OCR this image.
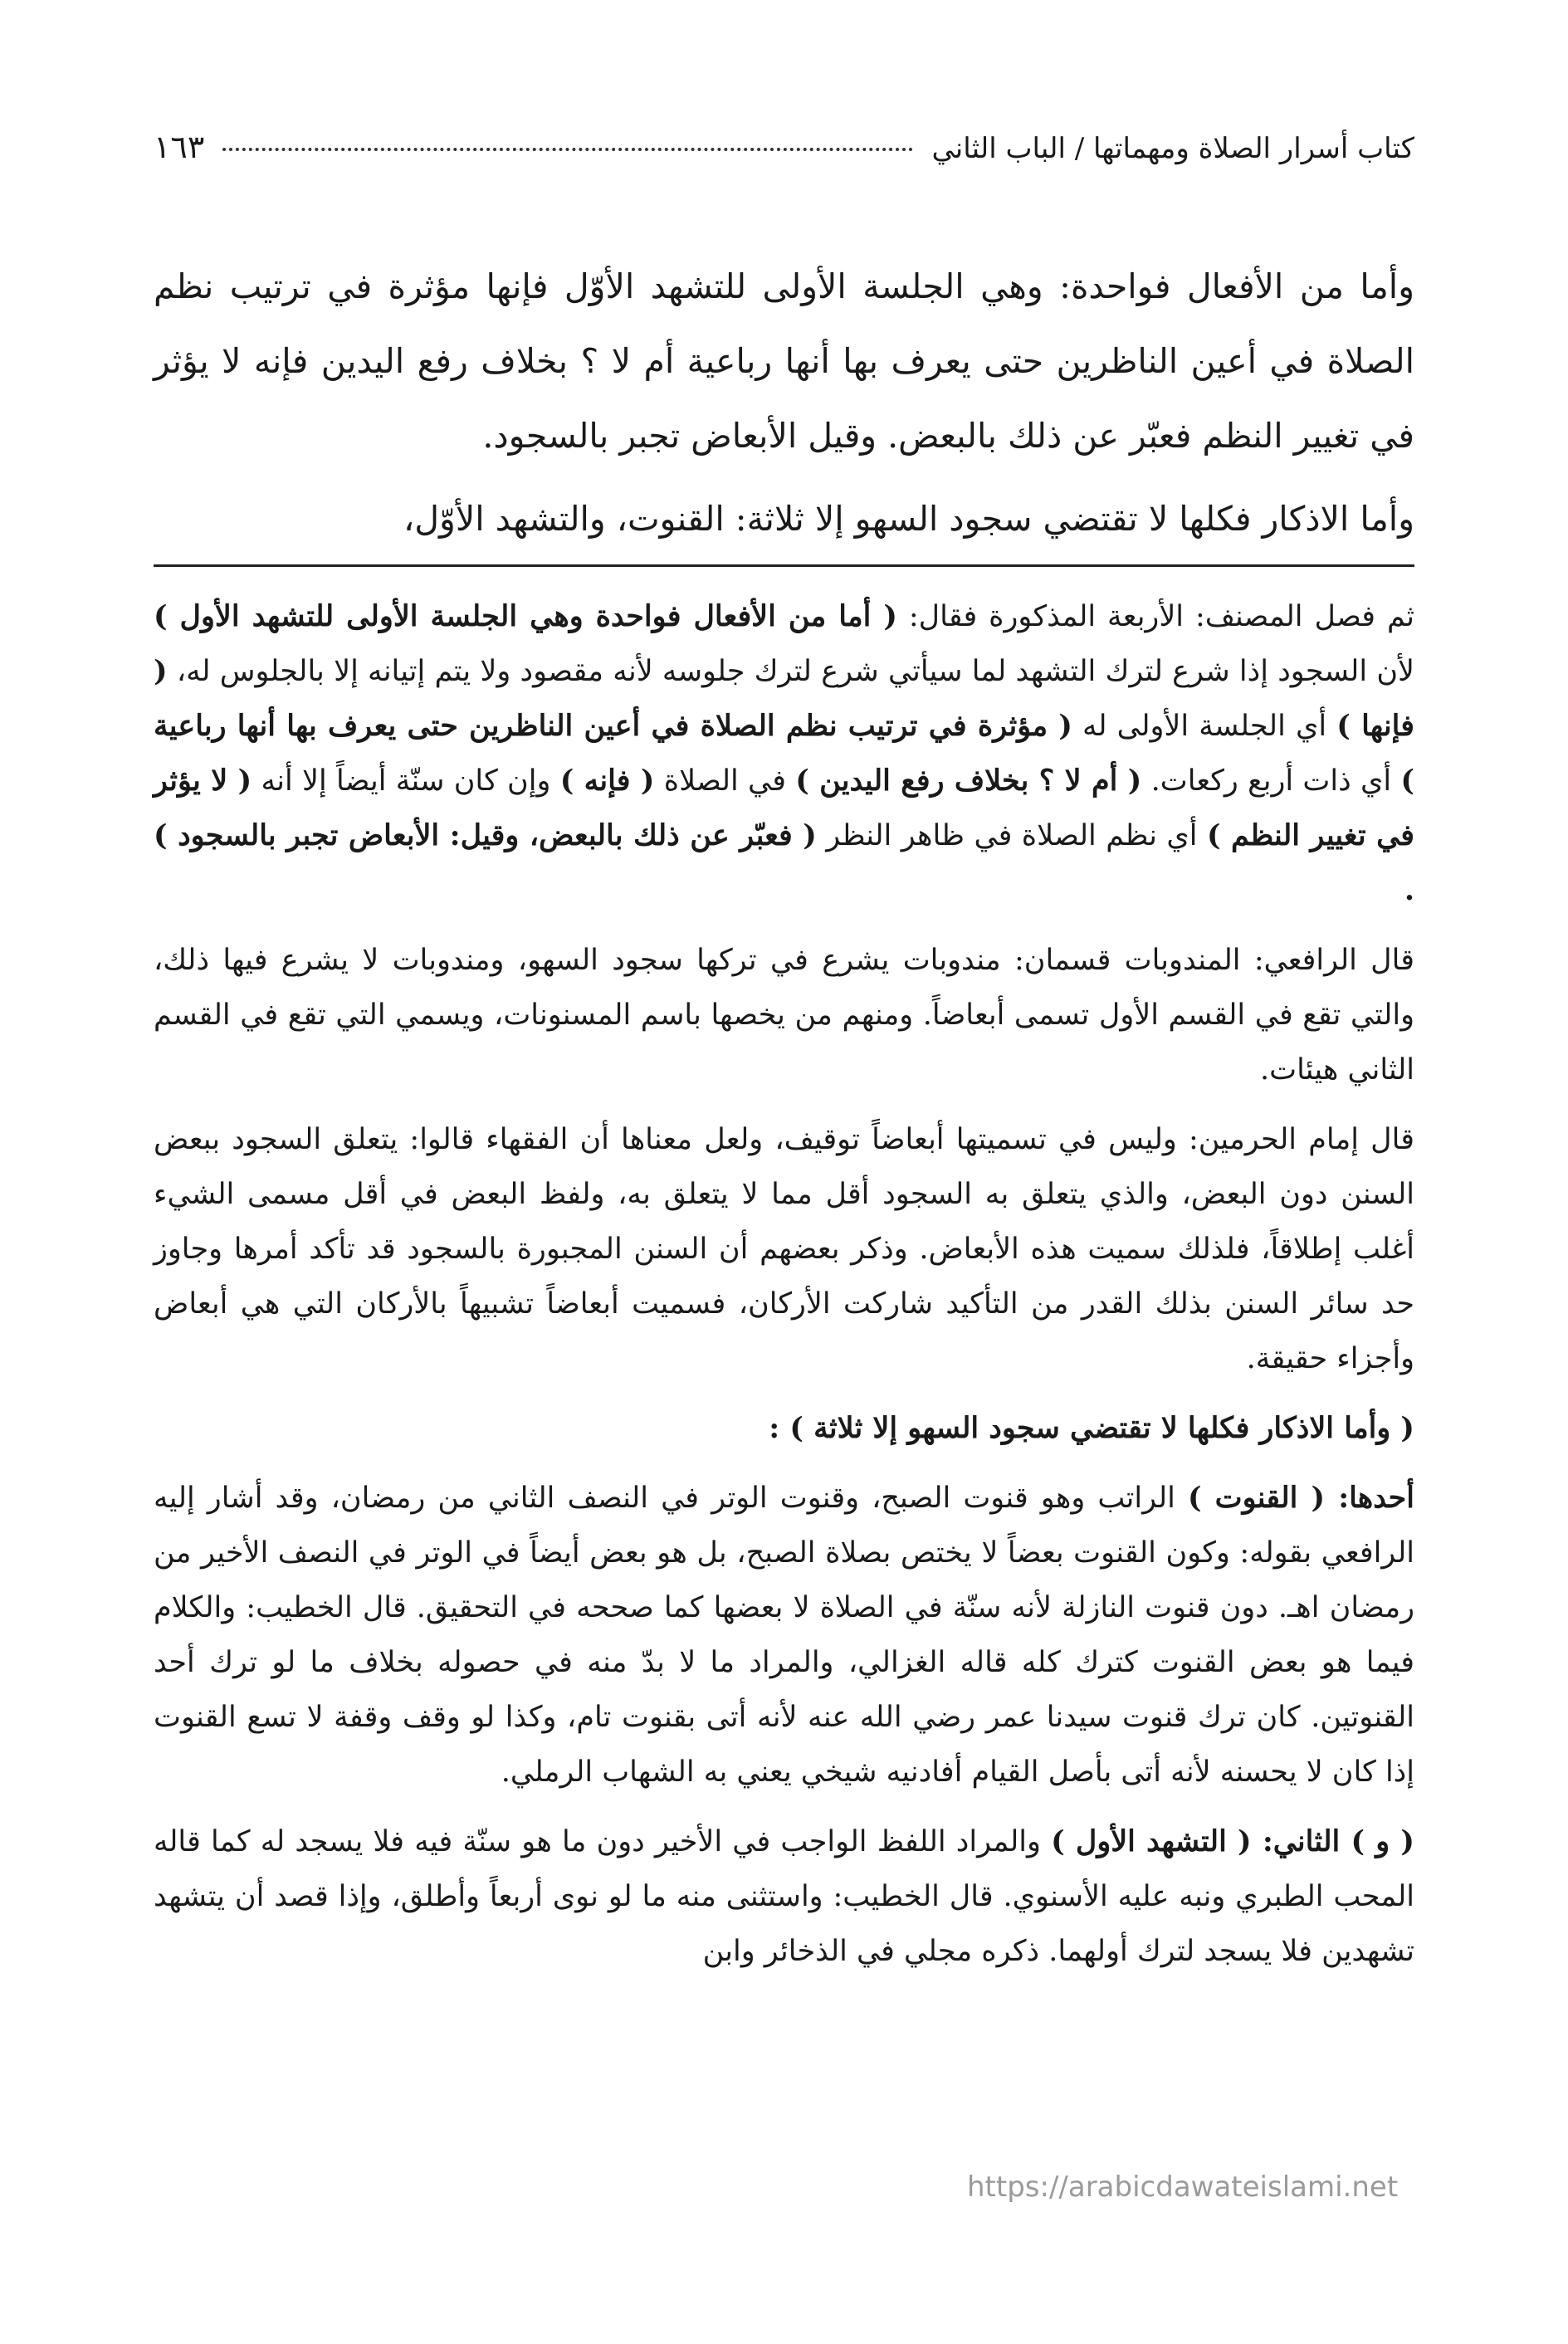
كتاب أسرار الصلاة ومهماتها / الباب الثاني
١٦٣

وأما من الأفعال فواحدة: وهي الجلسة الأولى للتشهد الأوّل فإنها مؤثرة في ترتيب نظم الصلاة في أعين الناظرين حتى يعرف بها أنها رباعية أم لا ؟ بخلاف رفع اليدين فإنه لا يؤثر في تغيير النظم فعبّر عن ذلك بالبعض. وقيل الأبعاض تجبر بالسجود.

وأما الاذكار فكلها لا تقتضي سجود السهو إلا ثلاثة: القنوت، والتشهد الأوّل،

ثم فصل المصنف: الأربعة المذكورة فقال: ( أما من الأفعال فواحدة وهي الجلسة الأولى للتشهد الأول ) لأن السجود إذا شرع لترك التشهد لما سيأتي شرع لترك جلوسه لأنه مقصود ولا يتم إتيانه إلا بالجلوس له، ( فإنها ) أي الجلسة الأولى له ( مؤثرة في ترتيب نظم الصلاة في أعين الناظرين حتى يعرف بها أنها رباعية ) أي ذات أربع ركعات. ( أم لا ؟ بخلاف رفع اليدين ) في الصلاة ( فإنه ) وإن كان سنّة أيضاً إلا أنه ( لا يؤثر في تغيير النظم ) أي نظم الصلاة في ظاهر النظر ( فعبّر عن ذلك بالبعض، وقيل: الأبعاض تجبر بالسجود ) .

قال الرافعي: المندوبات قسمان: مندوبات يشرع في تركها سجود السهو، ومندوبات لا يشرع فيها ذلك، والتي تقع في القسم الأول تسمى أبعاضاً. ومنهم من يخصها باسم المسنونات، ويسمي التي تقع في القسم الثاني هيئات.

قال إمام الحرمين: وليس في تسميتها أبعاضاً توقيف، ولعل معناها أن الفقهاء قالوا: يتعلق السجود ببعض السنن دون البعض، والذي يتعلق به السجود أقل مما لا يتعلق به، ولفظ البعض في أقل مسمى الشيء أغلب إطلاقاً، فلذلك سميت هذه الأبعاض. وذكر بعضهم أن السنن المجبورة بالسجود قد تأكد أمرها وجاوز حد سائر السنن بذلك القدر من التأكيد شاركت الأركان، فسميت أبعاضاً تشبيهاً بالأركان التي هي أبعاض وأجزاء حقيقة.

( وأما الاذكار فكلها لا تقتضي سجود السهو إلا ثلاثة ) :

أحدها: ( القنوت ) الراتب وهو قنوت الصبح، وقنوت الوتر في النصف الثاني من رمضان، وقد أشار إليه الرافعي بقوله: وكون القنوت بعضاً لا يختص بصلاة الصبح، بل هو بعض أيضاً في الوتر في النصف الأخير من رمضان اهـ. دون قنوت النازلة لأنه سنّة في الصلاة لا بعضها كما صححه في التحقيق. قال الخطيب: والكلام فيما هو بعض القنوت كترك كله قاله الغزالي، والمراد ما لا بدّ منه في حصوله بخلاف ما لو ترك أحد القنوتين. كان ترك قنوت سيدنا عمر رضي الله عنه لأنه أتى بقنوت تام، وكذا لو وقف وقفة لا تسع القنوت إذا كان لا يحسنه لأنه أتى بأصل القيام أفادنيه شيخي يعني به الشهاب الرملي.

( و ) الثاني: ( التشهد الأول ) والمراد اللفظ الواجب في الأخير دون ما هو سنّة فيه فلا يسجد له كما قاله المحب الطبري ونبه عليه الأسنوي. قال الخطيب: واستثنى منه ما لو نوى أربعاً وأطلق، وإذا قصد أن يتشهد تشهدين فلا يسجد لترك أولهما. ذكره مجلي في الذخائر وابن

https://arabicdawateislami.net
